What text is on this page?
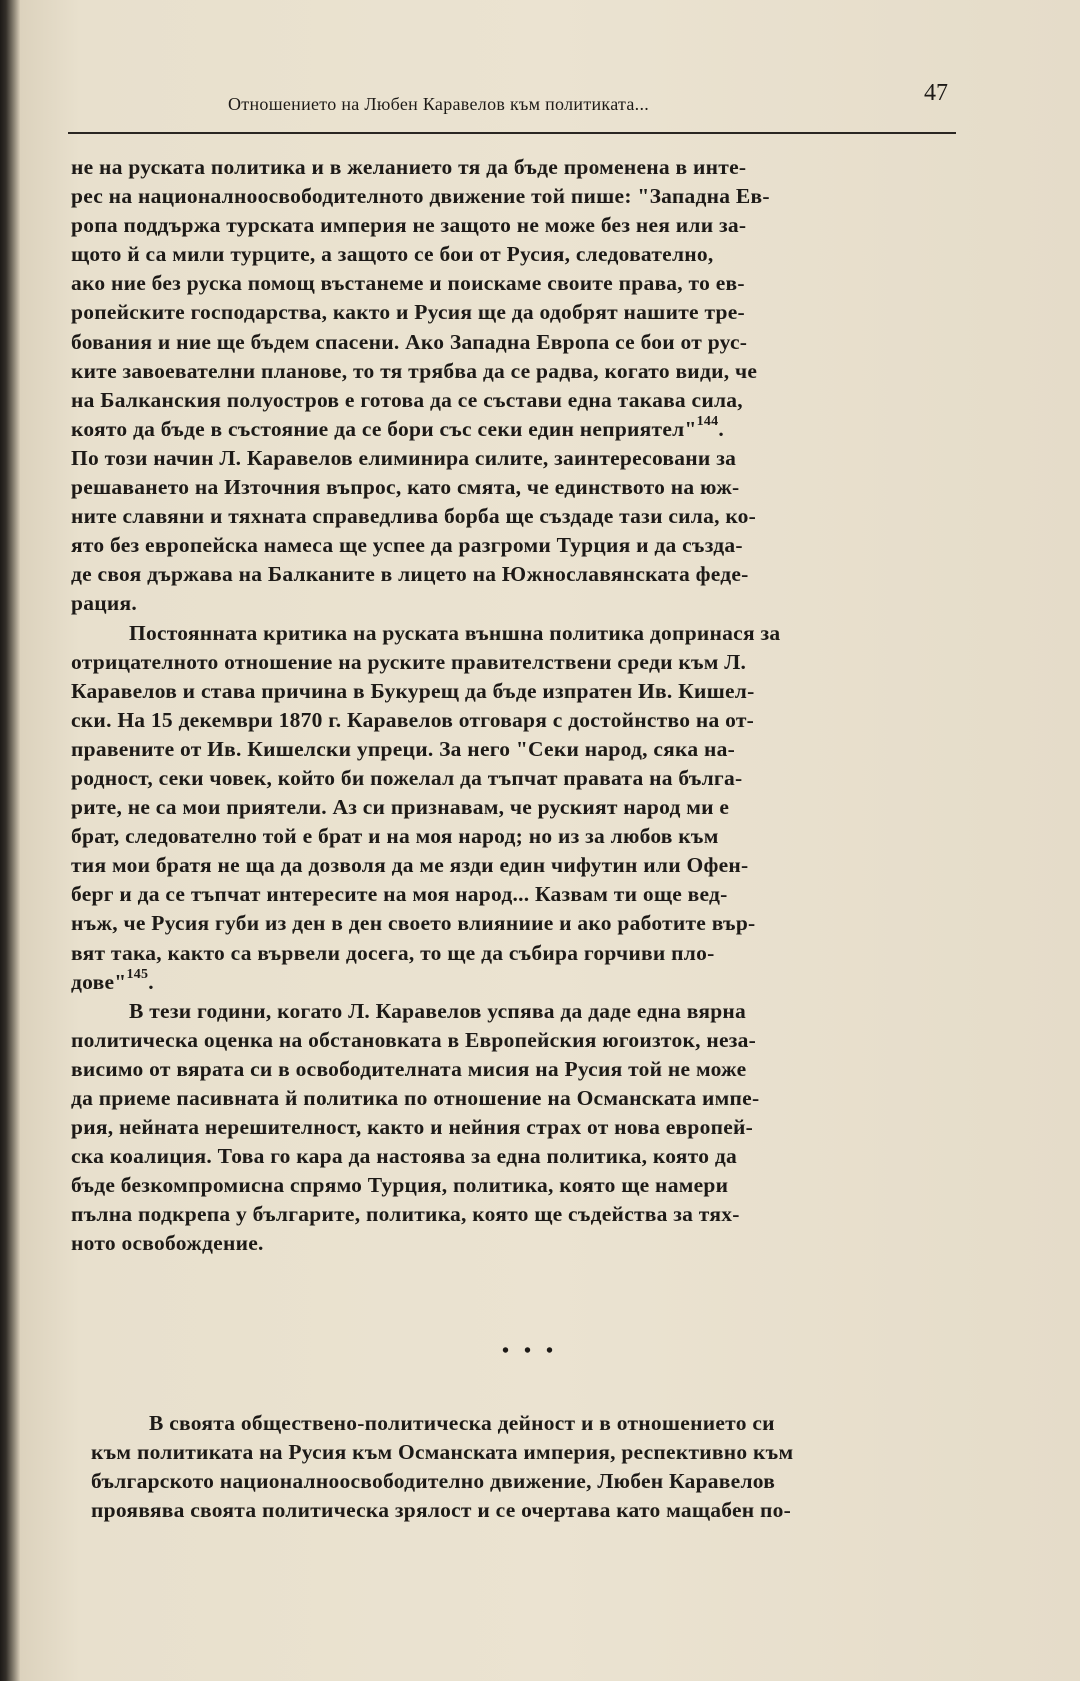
Отношението на Любен Каравелов към политиката...	47
не на руската политика и в желанието тя да бъде променена в инте-
рес на националноосвободителното движение той пише: "Западна Ев-
ропа поддържа турската империя не защото не може без нея или за-
щото й са мили турците, а защото се бои от Русия, следователно,
ако ние без руска помощ въстанеме и поискаме своите права, то ев-
ропейските господарства, както и Русия ще да одобрят нашите тре-
бования и ние ще бъдем спасени. Ако Западна Европа се бои от рус-
ките завоевателни планове, то тя трябва да се радва, когато види, че
на Балканския полуостров е готова да се състави една такава сила,
която да бъде в състояние да се бори със секи един неприятел"$^{144}$.
По този начин Л. Каравелов елиминира силите, заинтересовани за
решаването на Източния въпрос, като смята, че единството на юж-
ните славяни и тяхната справедлива борба ще създаде тази сила, ко-
ято без европейска намеса ще успее да разгроми Турция и да създа-
де своя държава на Балканите в лицето на Южнославянската феде-
рация.
Постоянната критика на руската външна политика допринася за
отрицателното отношение на руските правителствени среди към Л.
Каравелов и става причина в Букурещ да бъде изпратен Ив. Кишел-
ски. На 15 декември 1870 г. Каравелов отговаря с достойнство на от-
правените от Ив. Кишелски упреци. За него "Секи народ, сяка на-
родност, секи човек, който би пожелал да тъпчат правата на бълга-
рите, не са мои приятели. Аз си признавам, че руският народ ми е
брат, следователно той е брат и на моя народ; но из за любов към
тия мои братя не ща да дозволя да ме язди един чифутин или Офен-
берг и да се тъпчат интересите на моя народ... Казвам ти още вед-
нъж, че Русия губи из ден в ден своето влияниие и ако работите вър-
вят така, както са вървели досега, то ще да събира горчиви пло-
дове"$^{145}$.
В тези години, когато Л. Каравелов успява да даде една вярна
политическа оценка на обстановката в Европейския югоизток, неза-
висимо от вярата си в освободителната мисия на Русия той не може
да приеме пасивната й политика по отношение на Османската импе-
рия, нейната нерешителност, както и нейния страх от нова европей-
ска коалиция. Това го кара да настоява за една политика, която да
бъде безкомпромисна спрямо Турция, политика, която ще намери
пълна подкрепа у българите, политика, която ще съдейства за тях-
ното освобождение.
• • •
В своята обществено-политическа дейност и в отношението си
към политиката на Русия към Османската империя, респективно към
българското националноосвободително движение, Любен Каравелов
проявява своята политическа зрялост и се очертава като мащабен по-
